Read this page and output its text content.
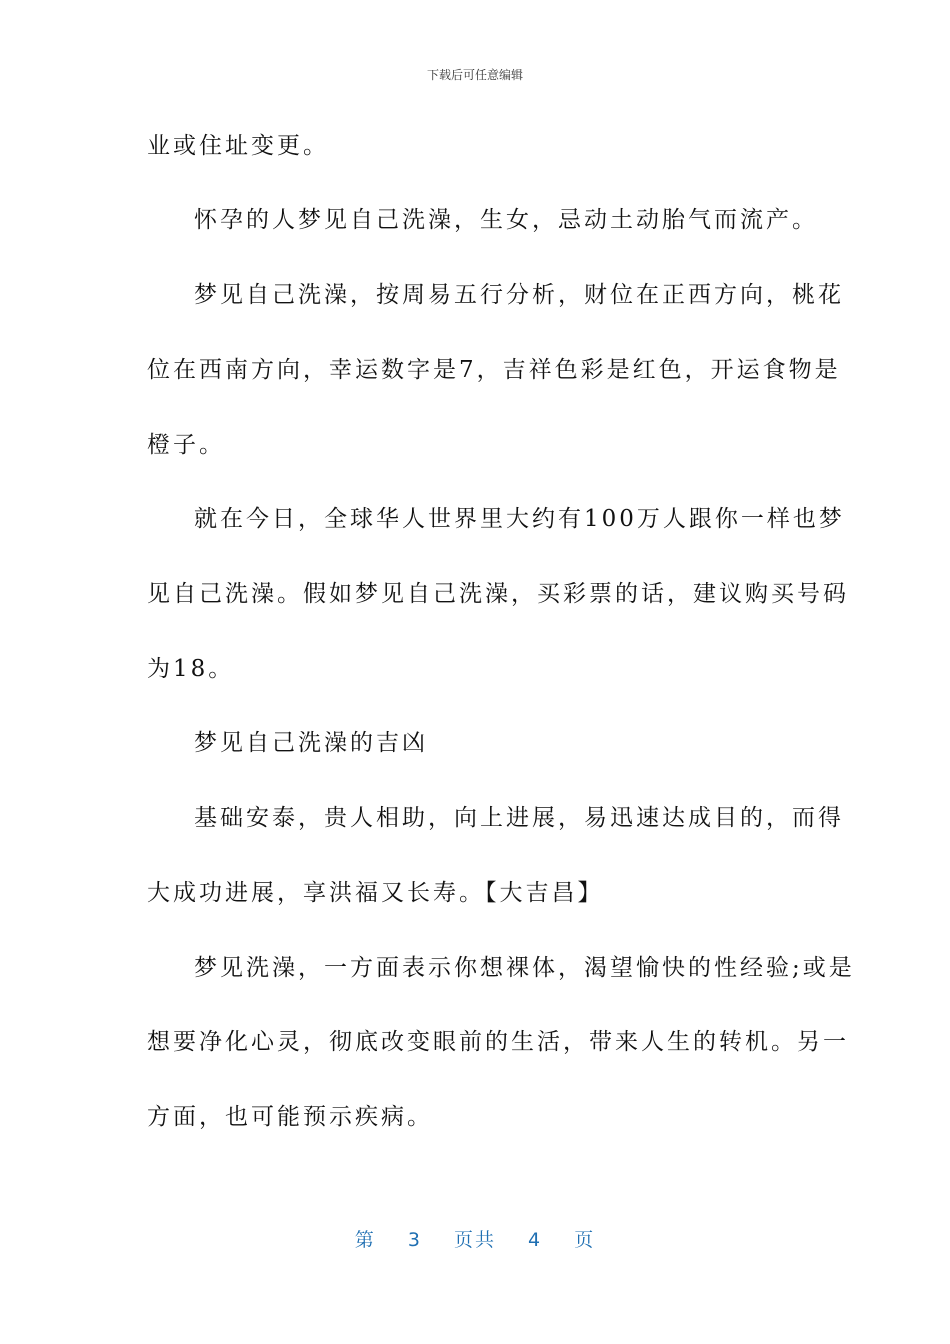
下载后可任意编辑
业或住址变更。
怀孕的人梦见自己洗澡，生女，忌动土动胎气而流产。
梦见自己洗澡，按周易五行分析，财位在正西方向，桃花
位在西南方向，幸运数字是7，吉祥色彩是红色，开运食物是
橙子。
就在今日，全球华人世界里大约有100万人跟你一样也梦
见自己洗澡。假如梦见自己洗澡，买彩票的话，建议购买号码
为18。
梦见自己洗澡的吉凶
基础安泰，贵人相助，向上进展，易迅速达成目的，而得
大成功进展，享洪福又长寿。【大吉昌】
梦见洗澡，一方面表示你想裸体，渴望愉快的性经验;或是
想要净化心灵，彻底改变眼前的生活，带来人生的转机。另一
方面，也可能预示疾病。
第 3 页共 4 页
